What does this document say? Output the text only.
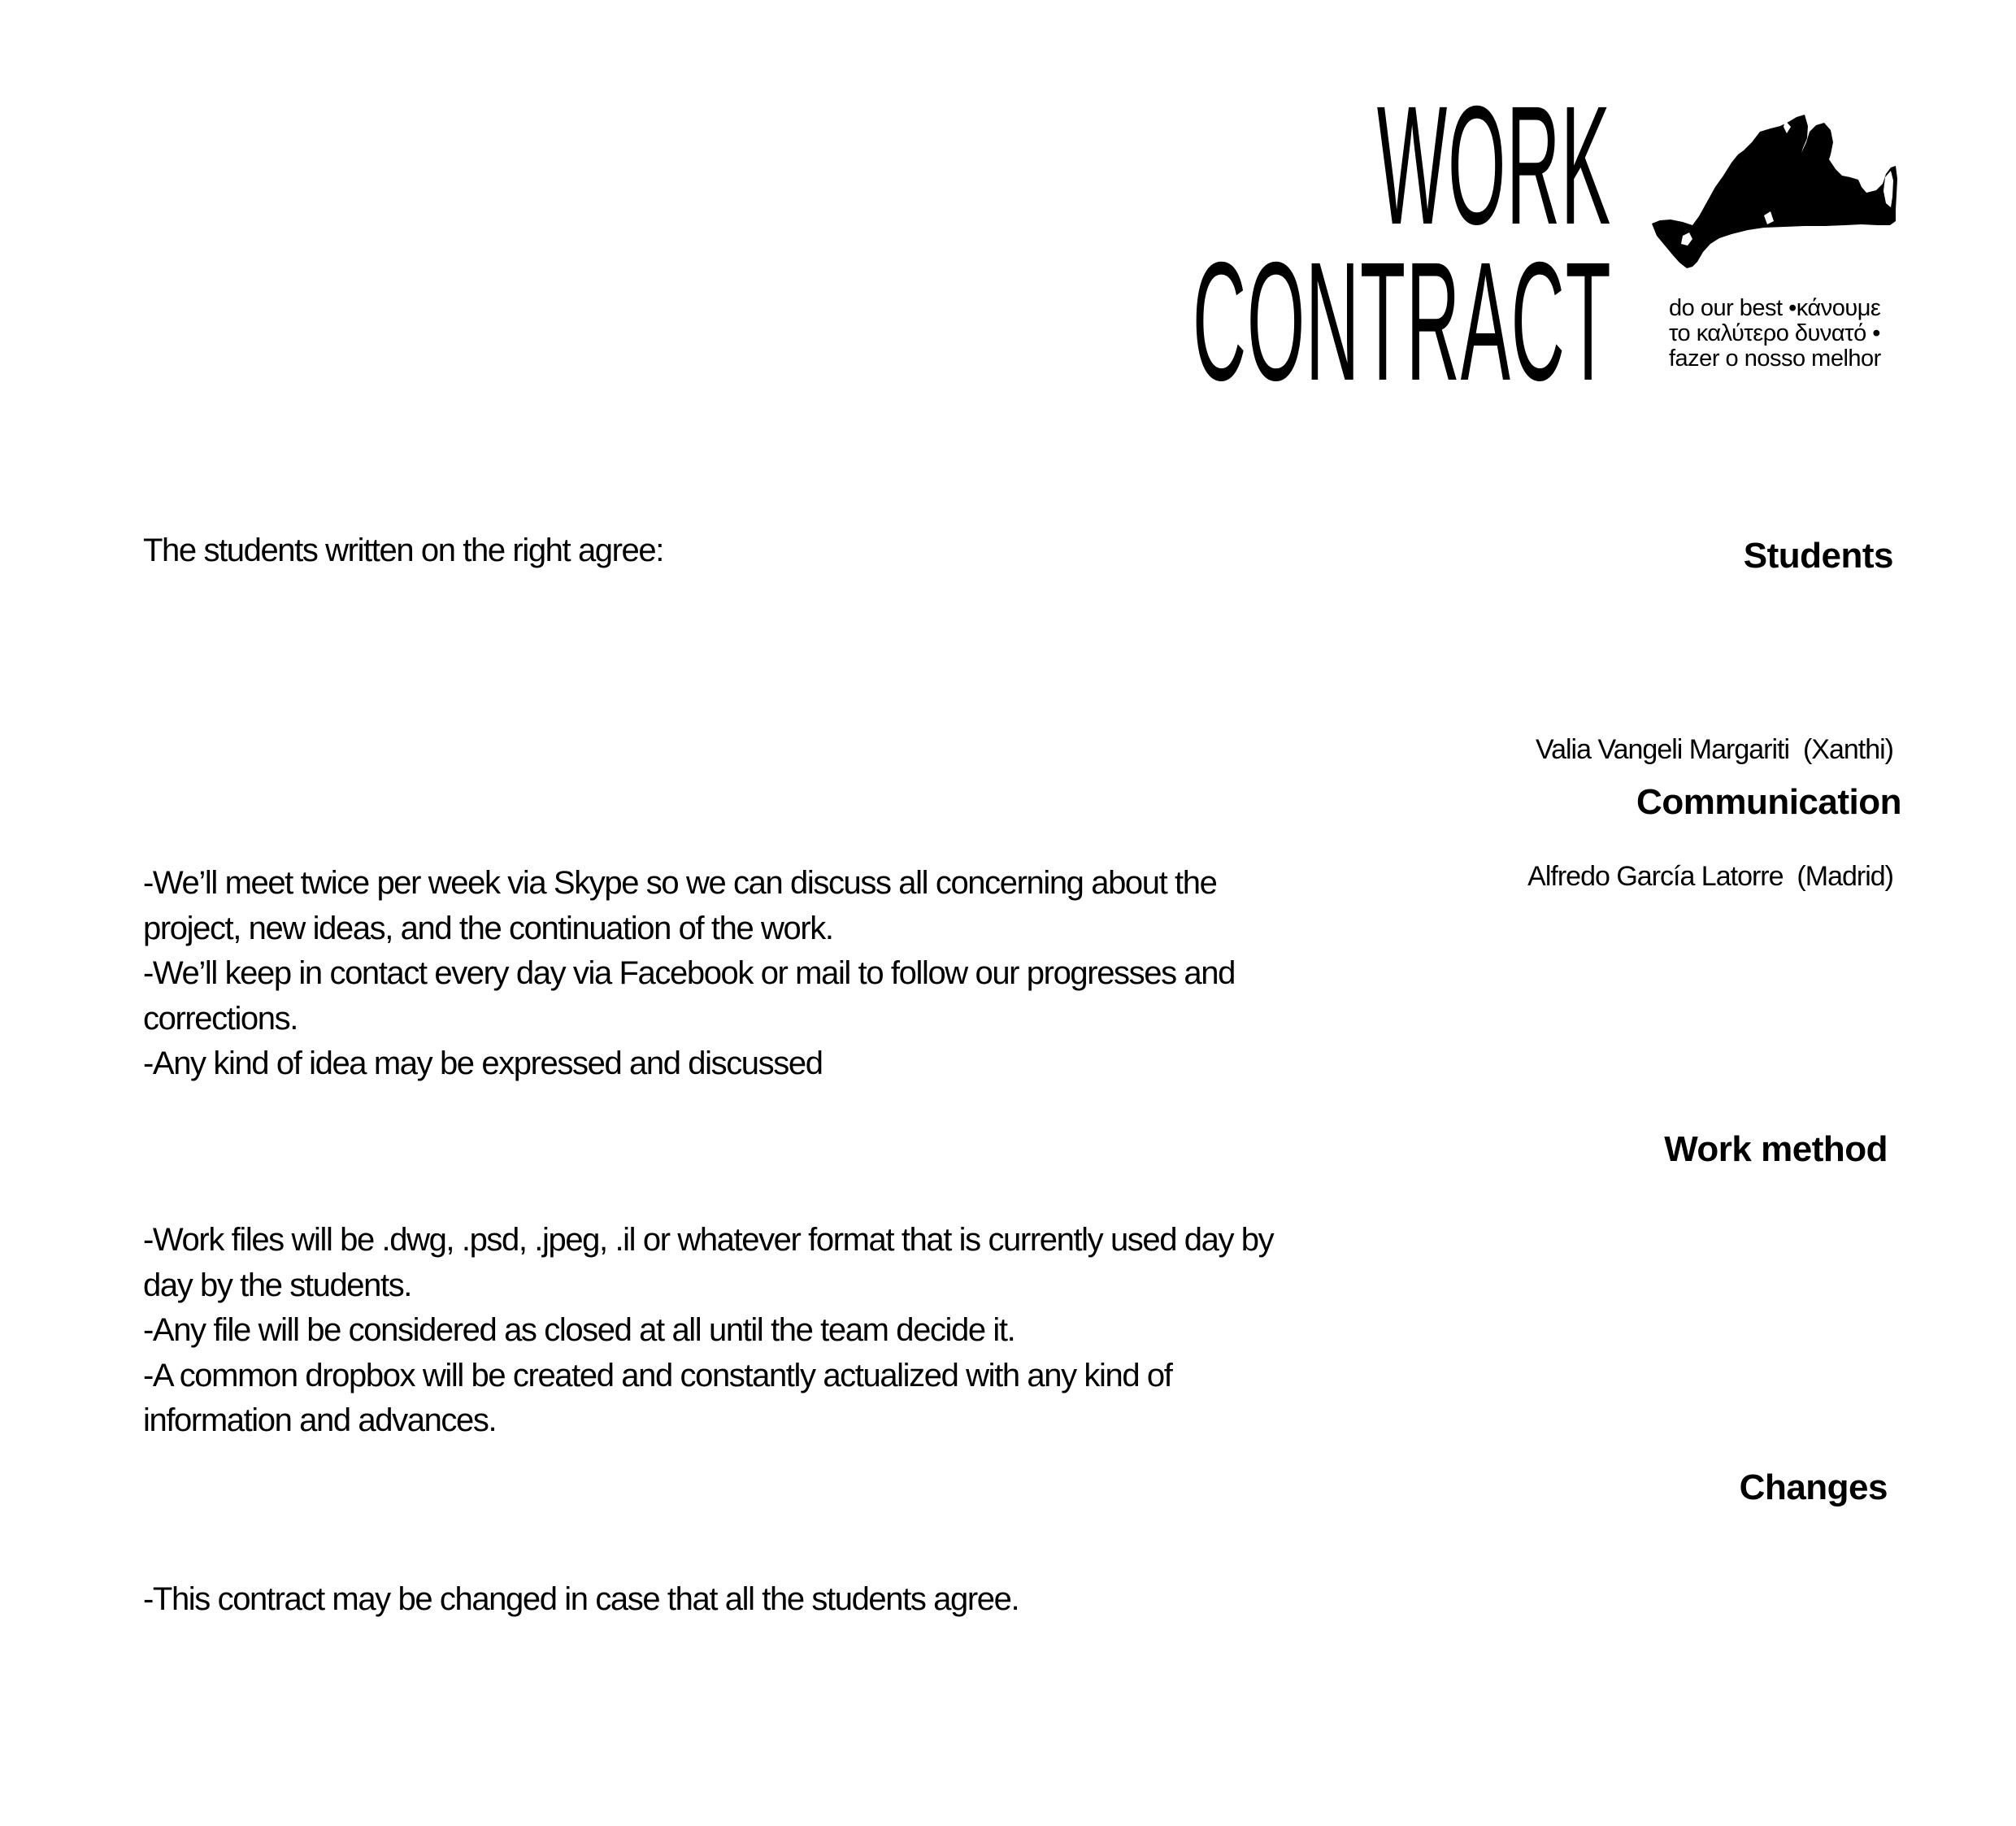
WORK
CONTRACT do our best •κάνουμε
το καλύτερο δυνατό •
fazer o nosso melhor
The students written on the right agree:	Students

Valia Vangeli Margariti  (Xanthi)

Alfredo García Latorre  (Madrid)

Communication
-We’ll meet twice per week via Skype so we can discuss all concerning about the
project, new ideas, and the continuation of the work.
-We’ll keep in contact every day via Facebook or mail to follow our progresses and
corrections.
-Any kind of idea may be expressed and discussed
Work method
-Work files will be .dwg, .psd, .jpeg, .il or whatever format that is currently used day by
day by the students.
-Any file will be considered as closed at all until the team decide it.
-A common dropbox will be created and constantly actualized with any kind of
information and advances.
Changes
-This contract may be changed in case that all the students agree.
